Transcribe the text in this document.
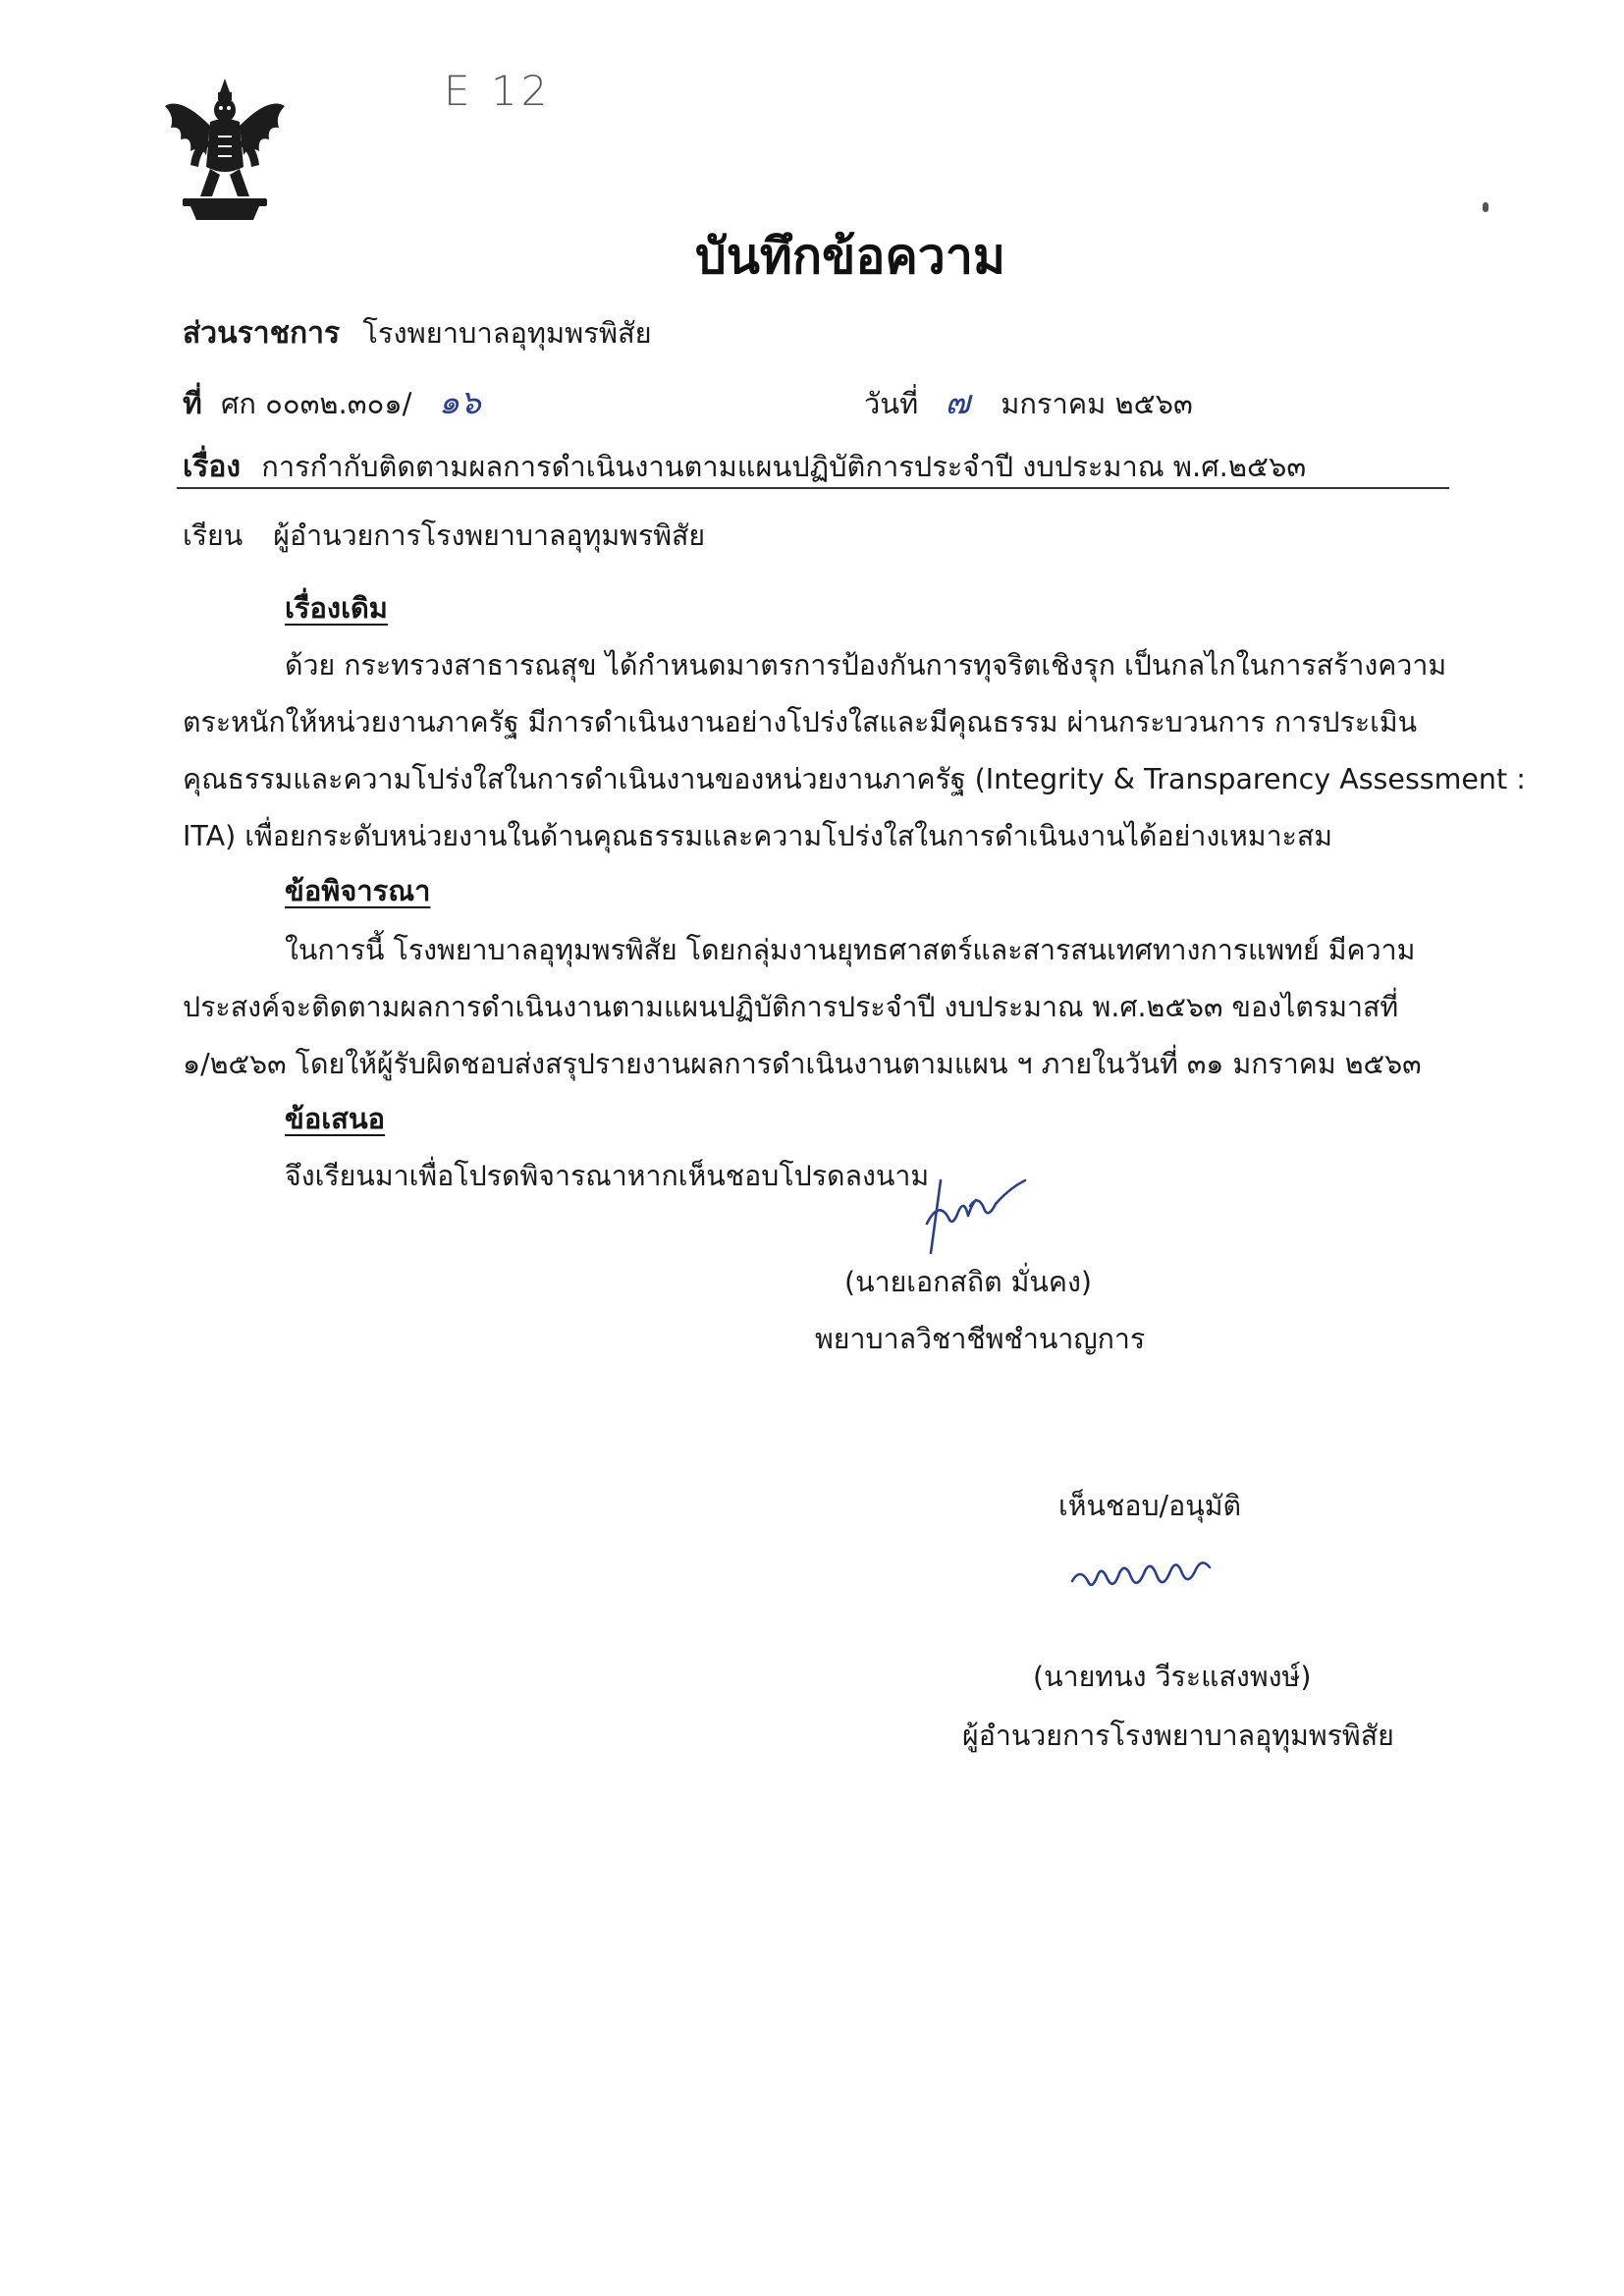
E 12
บันทึกข้อความ
ส่วนราชการ โรงพยาบาลอุทุมพรพิสัย
ที่ ศก ๐๐๓๒.๓๐๑/ ๑๖	วันที่ ๗ มกราคม ๒๕๖๓
เรื่อง การกำกับติดตามผลการดำเนินงานตามแผนปฏิบัติการประจำปี งบประมาณ พ.ศ.๒๕๖๓
เรียน ผู้อำนวยการโรงพยาบาลอุทุมพรพิสัย
เรื่องเดิม
ด้วย กระทรวงสาธารณสุข ได้กำหนดมาตรการป้องกันการทุจริตเชิงรุก เป็นกลไกในการสร้างความ
ตระหนักให้หน่วยงานภาครัฐ มีการดำเนินงานอย่างโปร่งใสและมีคุณธรรม ผ่านกระบวนการ การประเมิน
คุณธรรมและความโปร่งใสในการดำเนินงานของหน่วยงานภาครัฐ (Integrity & Transparency Assessment :
ITA) เพื่อยกระดับหน่วยงานในด้านคุณธรรมและความโปร่งใสในการดำเนินงานได้อย่างเหมาะสม
ข้อพิจารณา
ในการนี้ โรงพยาบาลอุทุมพรพิสัย โดยกลุ่มงานยุทธศาสตร์และสารสนเทศทางการแพทย์ มีความ
ประสงค์จะติดตามผลการดำเนินงานตามแผนปฏิบัติการประจำปี งบประมาณ พ.ศ.๒๕๖๓ ของไตรมาสที่
๑/๒๕๖๓ โดยให้ผู้รับผิดชอบส่งสรุปรายงานผลการดำเนินงานตามแผน ฯ ภายในวันที่ ๓๑ มกราคม ๒๕๖๓
ข้อเสนอ
จึงเรียนมาเพื่อโปรดพิจารณาหากเห็นชอบโปรดลงนาม
(นายเอกสถิต มั่นคง)
พยาบาลวิชาชีพชำนาญการ
เห็นชอบ/อนุมัติ
(นายทนง วีระแสงพงษ์)
ผู้อำนวยการโรงพยาบาลอุทุมพรพิสัย
